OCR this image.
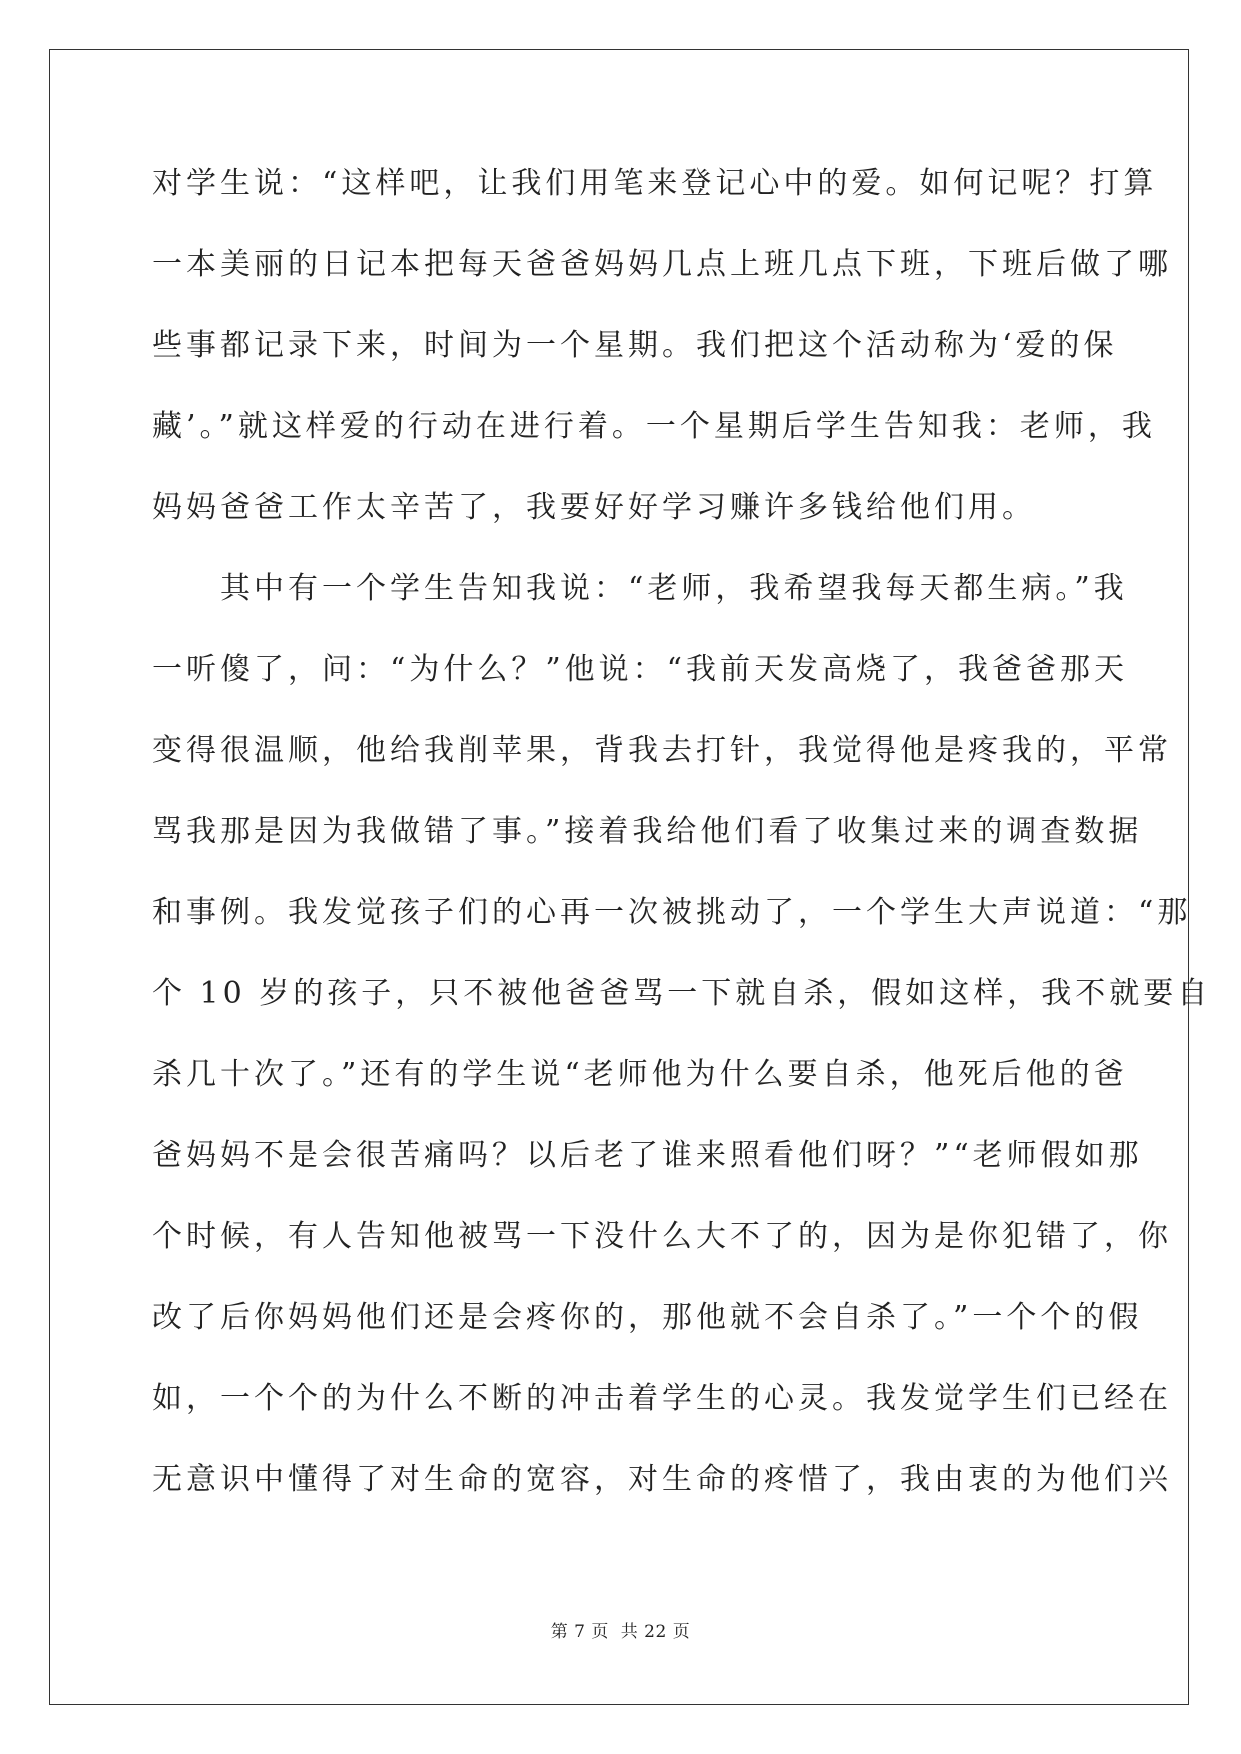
对学生说：“这样吧，让我们用笔来登记心中的爱。如何记呢？打算
一本美丽的日记本把每天爸爸妈妈几点上班几点下班，下班后做了哪
些事都记录下来，时间为一个星期。我们把这个活动称为‘爱的保
藏’。”就这样爱的行动在进行着。一个星期后学生告知我：老师，我
妈妈爸爸工作太辛苦了，我要好好学习赚许多钱给他们用。
　　其中有一个学生告知我说：“老师，我希望我每天都生病。”我
一听傻了，问：“为什么？”他说：“我前天发高烧了，我爸爸那天
变得很温顺，他给我削苹果，背我去打针，我觉得他是疼我的，平常
骂我那是因为我做错了事。”接着我给他们看了收集过来的调查数据
和事例。我发觉孩子们的心再一次被挑动了，一个学生大声说道：“那
个 10 岁的孩子，只不被他爸爸骂一下就自杀，假如这样，我不就要自
杀几十次了。”还有的学生说“老师他为什么要自杀，他死后他的爸
爸妈妈不是会很苦痛吗？以后老了谁来照看他们呀？”“老师假如那
个时候，有人告知他被骂一下没什么大不了的，因为是你犯错了，你
改了后你妈妈他们还是会疼你的，那他就不会自杀了。”一个个的假
如，一个个的为什么不断的冲击着学生的心灵。我发觉学生们已经在
无意识中懂得了对生命的宽容，对生命的疼惜了，我由衷的为他们兴
第 7 页 共 22 页
